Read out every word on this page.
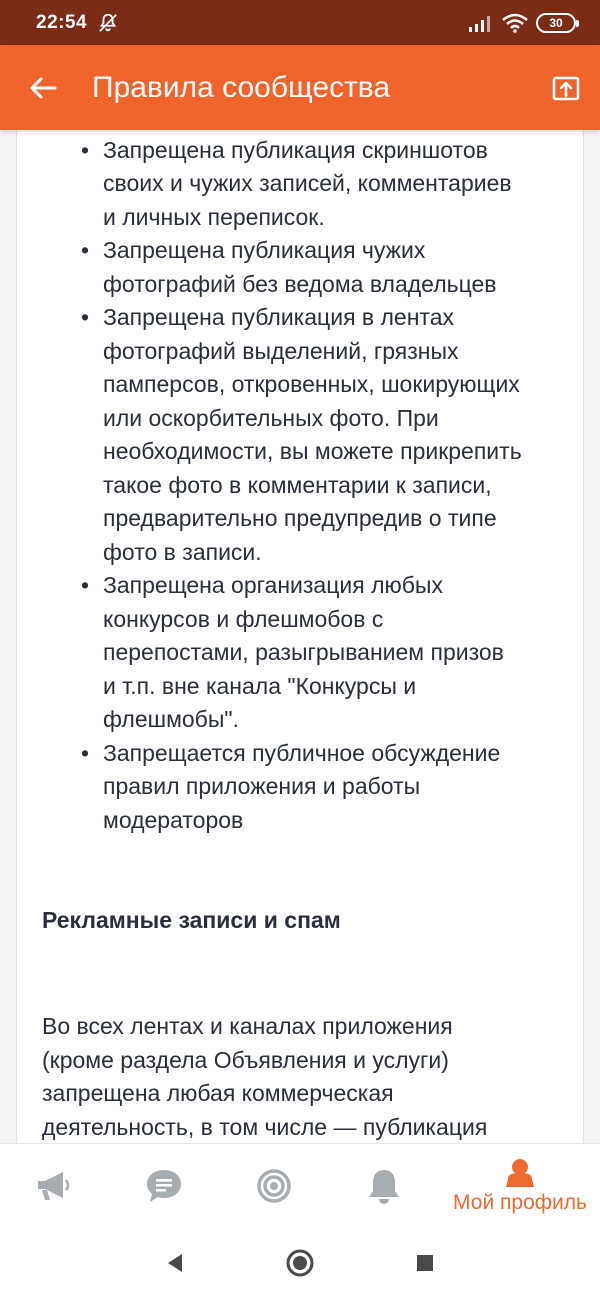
22:54	30
Правила сообщества
• Запрещена публикация скриншотов
своих и чужих записей, комментариев
и личных переписок.
• Запрещена публикация чужих
фотографий без ведома владельцев
• Запрещена публикация в лентах
фотографий выделений, грязных
памперсов, откровенных, шокирующих
или оскорбительных фото. При
необходимости, вы можете прикрепить
такое фото в комментарии к записи,
предварительно предупредив о типе
фото в записи.
• Запрещена организация любых
конкурсов и флешмобов с
перепостами, разыгрыванием призов
и т.п. вне канала "Конкурсы и
флешмобы".
• Запрещается публичное обсуждение
правил приложения и работы
модераторов
Рекламные записи и спам
Во всех лентах и каналах приложения
(кроме раздела Объявления и услуги)
запрещена любая коммерческая
деятельность, в том числе — публикация
Мой профиль
